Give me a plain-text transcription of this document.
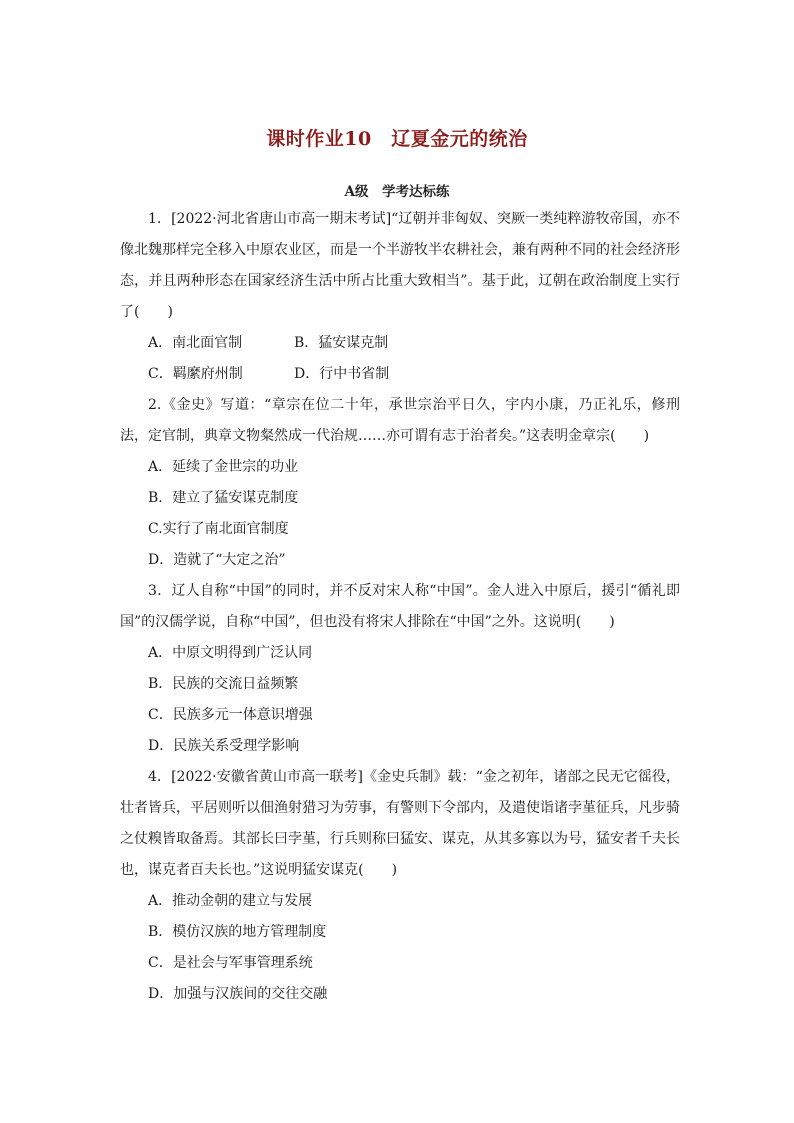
课时作业10　辽夏金元的统治
A级　学考达标练

1．[2022·河北省唐山市高一期末考试]“辽朝并非匈奴、突厥一类纯粹游牧帝国，亦不像北魏那样完全移入中原农业区，而是一个半游牧半农耕社会，兼有两种不同的社会经济形态，并且两种形态在国家经济生活中所占比重大致相当”。基于此，辽朝在政治制度上实行了(　　)

A．南北面官制	B．猛安谋克制

C．羁縻府州制	D．行中书省制

2.《金史》写道：“章宗在位二十年，承世宗治平日久，宇内小康，乃正礼乐，修刑法，定官制，典章文物粲然成一代治规……亦可谓有志于治者矣。”这表明金章宗(　　)

A．延续了金世宗的功业

B．建立了猛安谋克制度

C.实行了南北面官制度

D．造就了“大定之治”

3．辽人自称“中国”的同时，并不反对宋人称“中国”。金人进入中原后，援引“循礼即国”的汉儒学说，自称“中国”，但也没有将宋人排除在“中国”之外。这说明(　　)

A．中原文明得到广泛认同

B．民族的交流日益频繁

C．民族多元一体意识增强

D．民族关系受理学影响

4．[2022·安徽省黄山市高一联考]《金史兵制》载：“金之初年，诸部之民无它徭役，壮者皆兵，平居则听以佃渔射猎习为劳事，有警则下令部内，及遣使诣诸孛堇征兵，凡步骑之仗糗皆取备焉。其部长曰孛堇，行兵则称曰猛安、谋克，从其多寡以为号，猛安者千夫长也，谋克者百夫长也。”这说明猛安谋克(　　)

A．推动金朝的建立与发展

B．模仿汉族的地方管理制度

C．是社会与军事管理系统

D．加强与汉族间的交往交融
